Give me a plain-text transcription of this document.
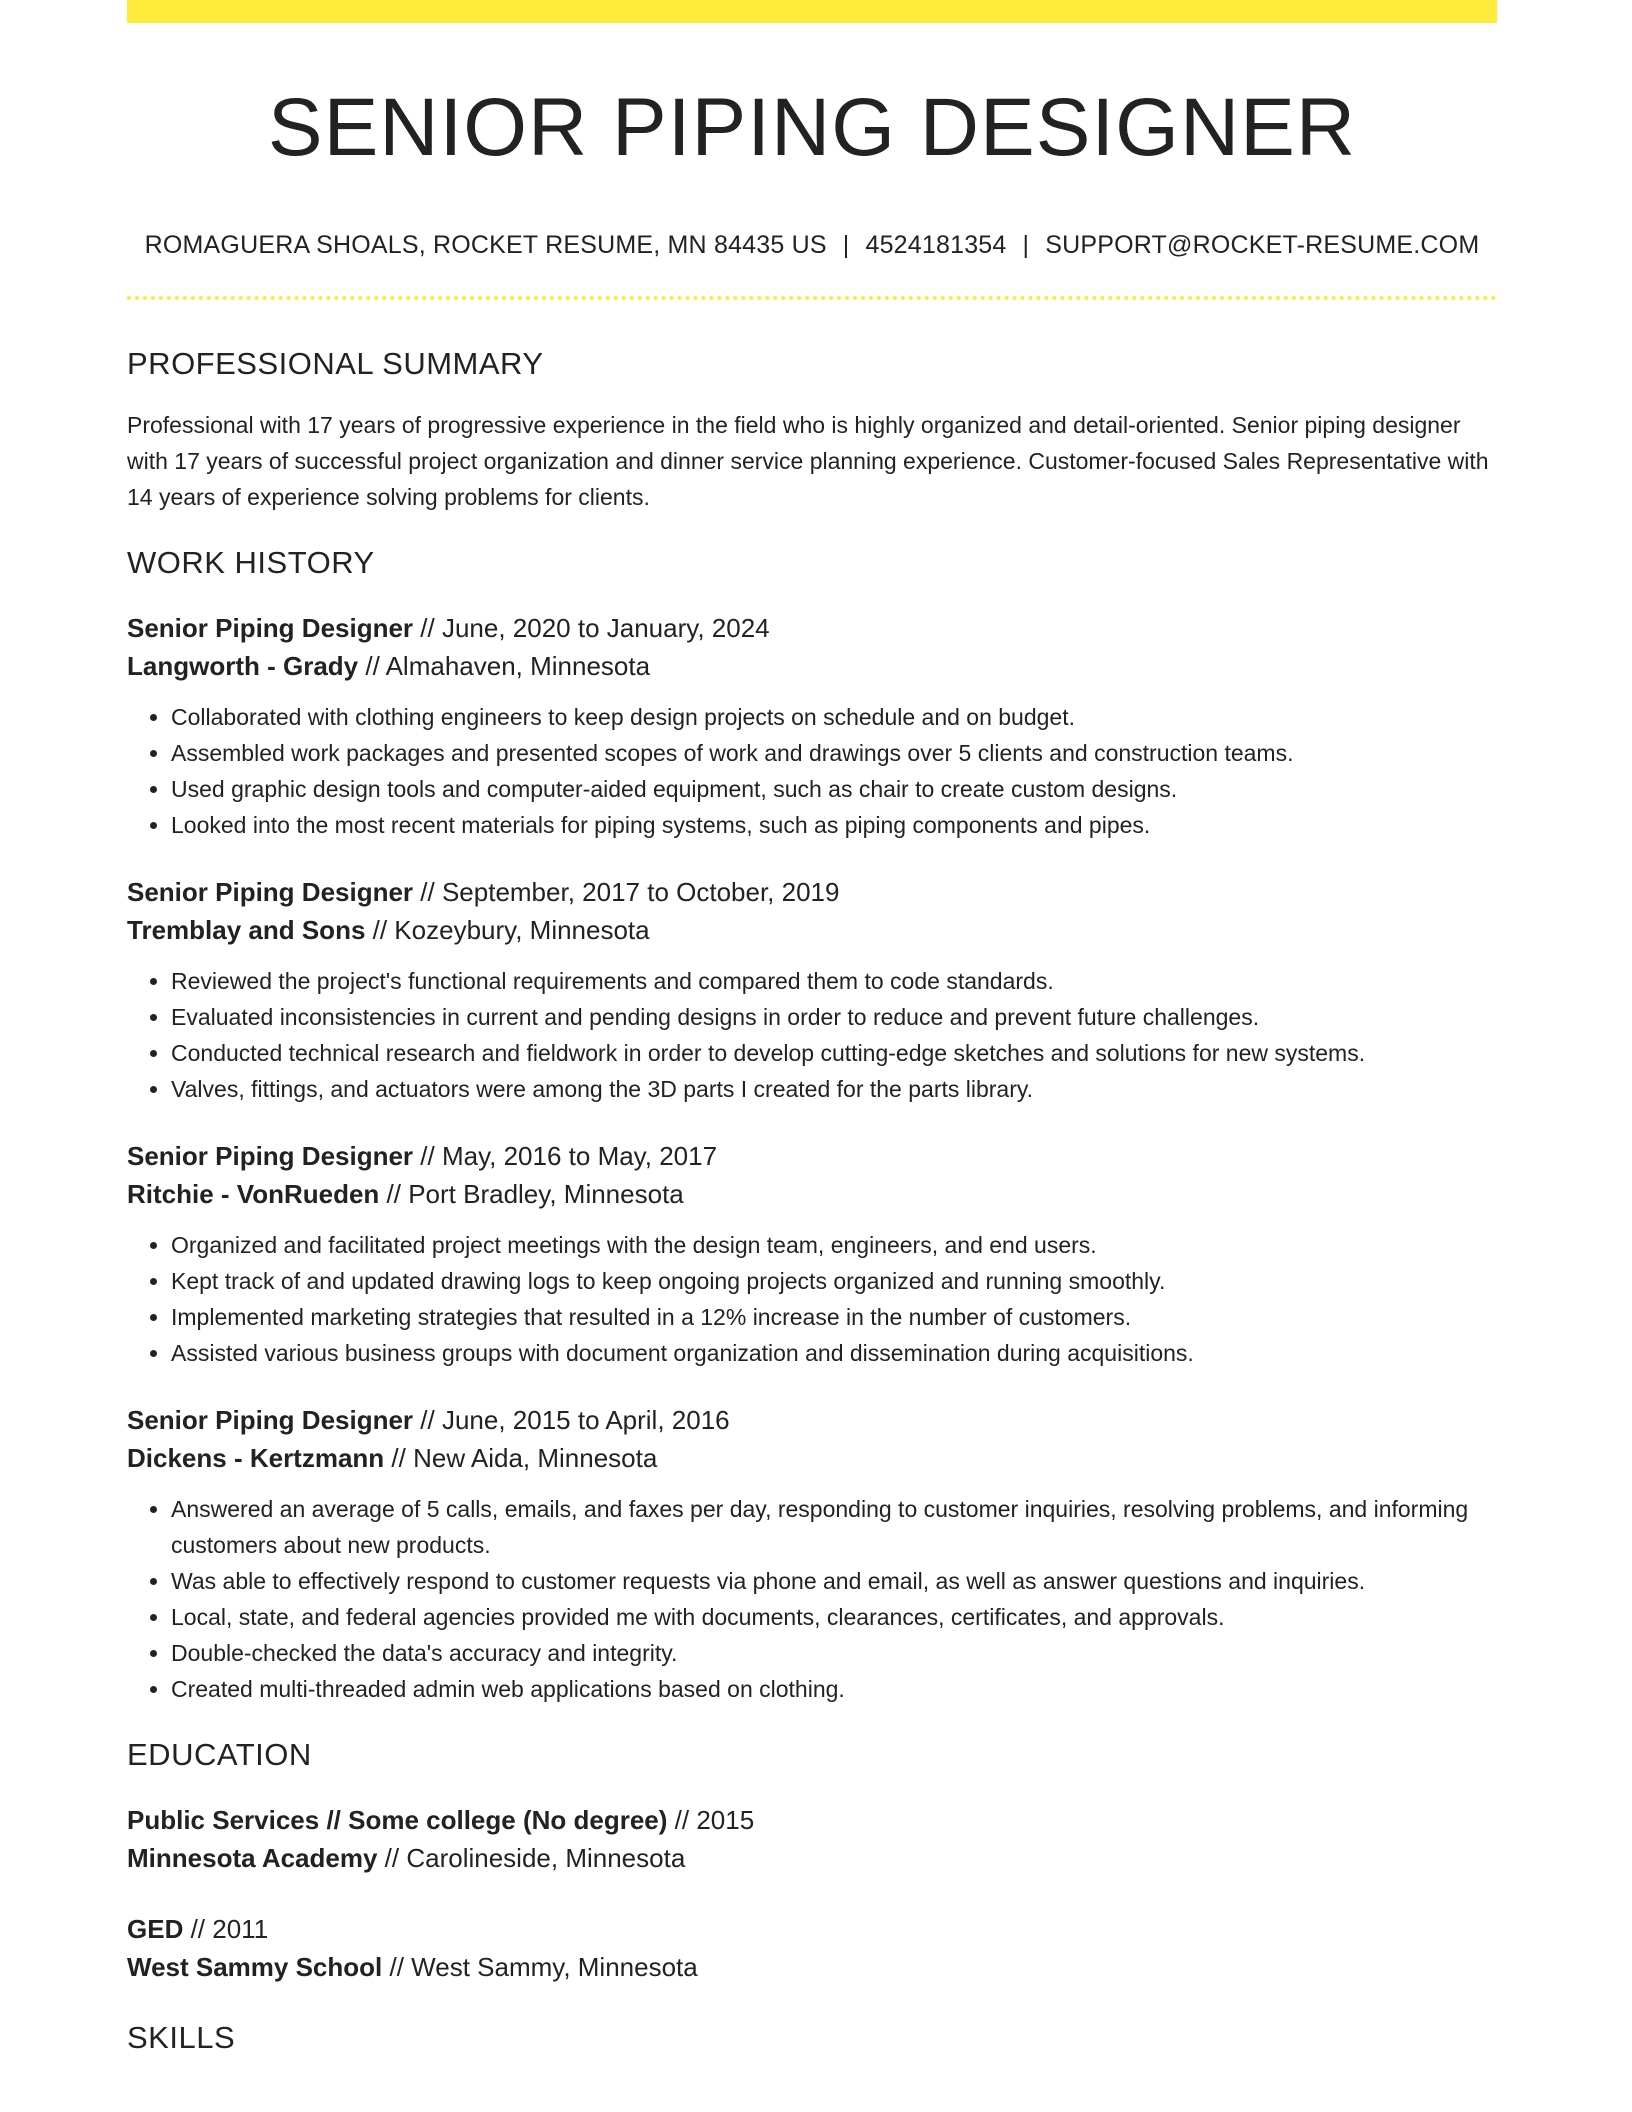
SENIOR PIPING DESIGNER
ROMAGUERA SHOALS, ROCKET RESUME, MN 84435 US | 4524181354 | SUPPORT@ROCKET-RESUME.COM
PROFESSIONAL SUMMARY
Professional with 17 years of progressive experience in the field who is highly organized and detail-oriented. Senior piping designer with 17 years of successful project organization and dinner service planning experience. Customer-focused Sales Representative with 14 years of experience solving problems for clients.
WORK HISTORY
Senior Piping Designer // June, 2020 to January, 2024
Langworth - Grady // Almahaven, Minnesota
• Collaborated with clothing engineers to keep design projects on schedule and on budget.
• Assembled work packages and presented scopes of work and drawings over 5 clients and construction teams.
• Used graphic design tools and computer-aided equipment, such as chair to create custom designs.
• Looked into the most recent materials for piping systems, such as piping components and pipes.
Senior Piping Designer // September, 2017 to October, 2019
Tremblay and Sons // Kozeybury, Minnesota
• Reviewed the project's functional requirements and compared them to code standards.
• Evaluated inconsistencies in current and pending designs in order to reduce and prevent future challenges.
• Conducted technical research and fieldwork in order to develop cutting-edge sketches and solutions for new systems.
• Valves, fittings, and actuators were among the 3D parts I created for the parts library.
Senior Piping Designer // May, 2016 to May, 2017
Ritchie - VonRueden // Port Bradley, Minnesota
• Organized and facilitated project meetings with the design team, engineers, and end users.
• Kept track of and updated drawing logs to keep ongoing projects organized and running smoothly.
• Implemented marketing strategies that resulted in a 12% increase in the number of customers.
• Assisted various business groups with document organization and dissemination during acquisitions.
Senior Piping Designer // June, 2015 to April, 2016
Dickens - Kertzmann // New Aida, Minnesota
• Answered an average of 5 calls, emails, and faxes per day, responding to customer inquiries, resolving problems, and informing customers about new products.
• Was able to effectively respond to customer requests via phone and email, as well as answer questions and inquiries.
• Local, state, and federal agencies provided me with documents, clearances, certificates, and approvals.
• Double-checked the data's accuracy and integrity.
• Created multi-threaded admin web applications based on clothing.
EDUCATION
Public Services // Some college (No degree) // 2015
Minnesota Academy // Carolineside, Minnesota
GED // 2011
West Sammy School // West Sammy, Minnesota
SKILLS
